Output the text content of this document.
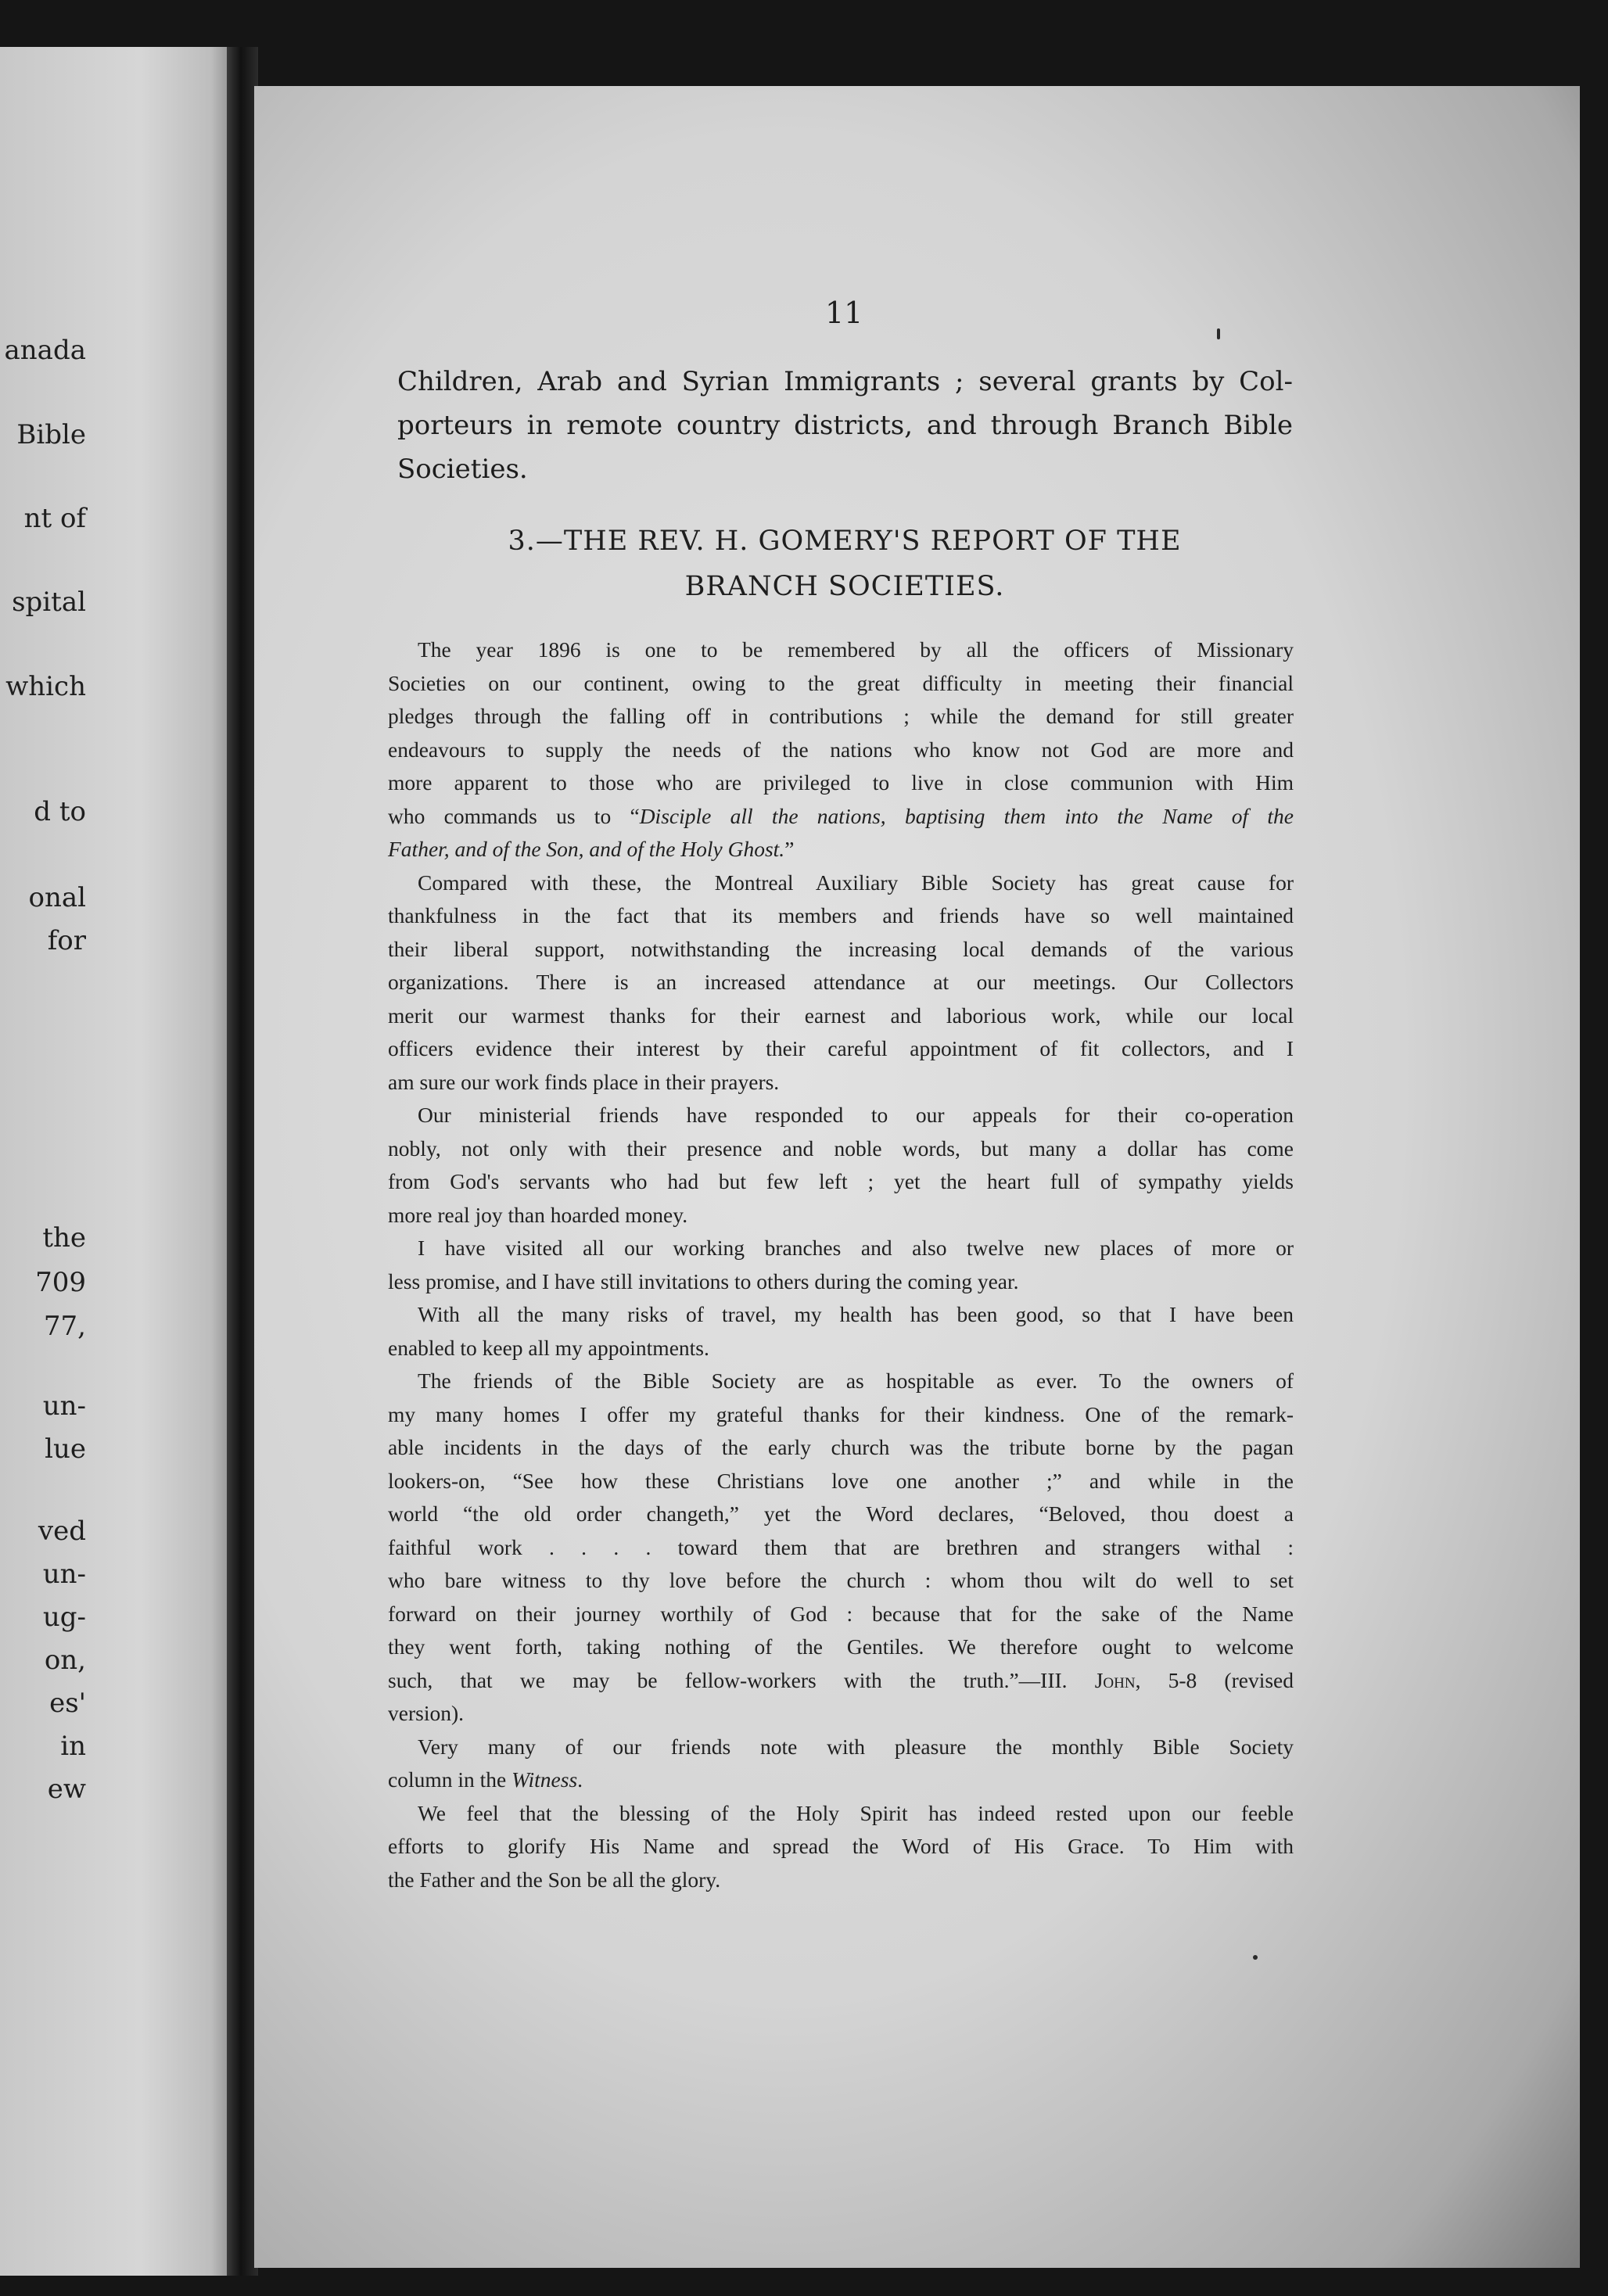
anada
Bible
nt of
spital
which
d to
onal
for
the
709
77,
un-
lue
ved
un-
ug-
on,
es'
in
ew
11
Children, Arab and Syrian Immigrants ; several grants by Col-
porteurs in remote country districts, and through Branch Bible
Societies.
3.—THE REV. H. GOMERY'S REPORT OF THE
BRANCH SOCIETIES.
The year 1896 is one to be remembered by all the officers of Missionary
Societies on our continent, owing to the great difficulty in meeting their financial
pledges through the falling off in contributions ; while the demand for still greater
endeavours to supply the needs of the nations who know not God are more and
more apparent to those who are privileged to live in close communion with Him
who commands us to “Disciple all the nations, baptising them into the Name of the
Father, and of the Son, and of the Holy Ghost.”
Compared with these, the Montreal Auxiliary Bible Society has great cause for
thankfulness in the fact that its members and friends have so well maintained
their liberal support, notwithstanding the increasing local demands of the various
organizations. There is an increased attendance at our meetings. Our Collectors
merit our warmest thanks for their earnest and laborious work, while our local
officers evidence their interest by their careful appointment of fit collectors, and I
am sure our work finds place in their prayers.
Our ministerial friends have responded to our appeals for their co-operation
nobly, not only with their presence and noble words, but many a dollar has come
from God's servants who had but few left ; yet the heart full of sympathy yields
more real joy than hoarded money.
I have visited all our working branches and also twelve new places of more or
less promise, and I have still invitations to others during the coming year.
With all the many risks of travel, my health has been good, so that I have been
enabled to keep all my appointments.
The friends of the Bible Society are as hospitable as ever. To the owners of
my many homes I offer my grateful thanks for their kindness. One of the remark-
able incidents in the days of the early church was the tribute borne by the pagan
lookers-on, “See how these Christians love one another ;” and while in the
world “the old order changeth,” yet the Word declares, “Beloved, thou doest a
faithful work . . . . toward them that are brethren and strangers withal :
who bare witness to thy love before the church : whom thou wilt do well to set
forward on their journey worthily of God : because that for the sake of the Name
they went forth, taking nothing of the Gentiles. We therefore ought to welcome
such, that we may be fellow-workers with the truth.”—III. John, 5-8 (revised
version).
Very many of our friends note with pleasure the monthly Bible Society
column in the Witness.
We feel that the blessing of the Holy Spirit has indeed rested upon our feeble
efforts to glorify His Name and spread the Word of His Grace. To Him with
the Father and the Son be all the glory.
